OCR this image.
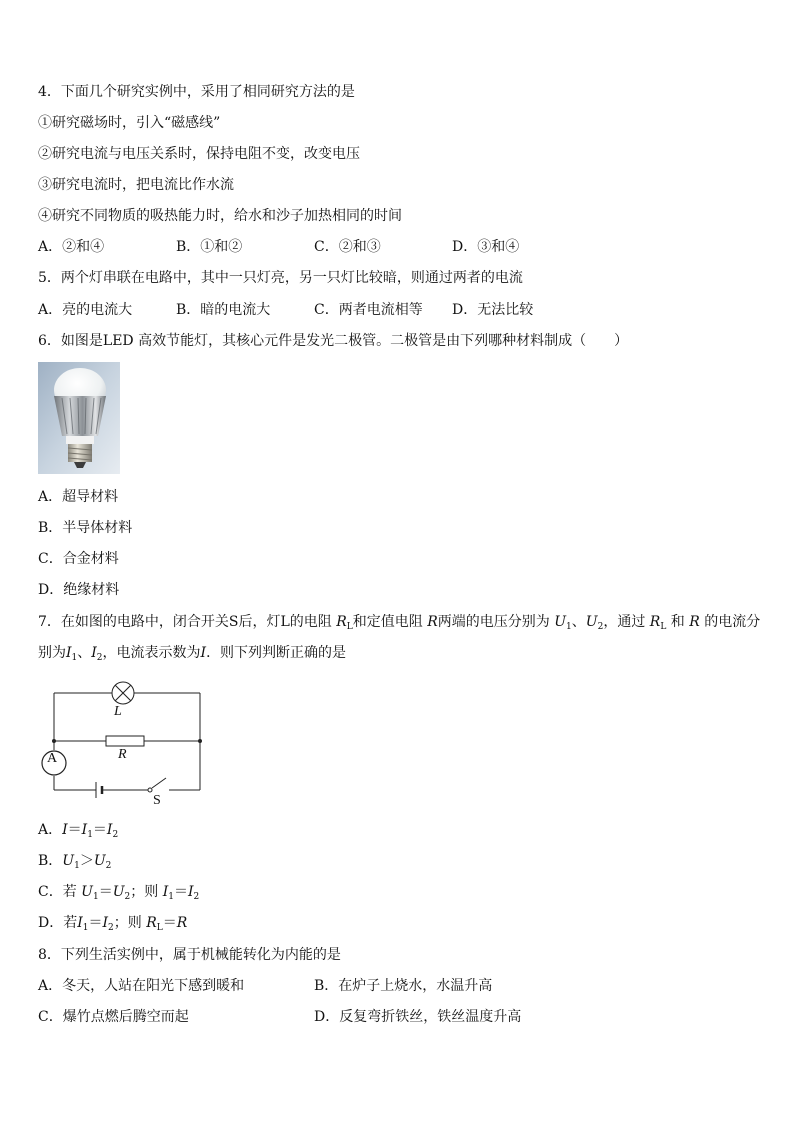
4．下面几个研究实例中，采用了相同研究方法的是
①研究磁场时，引入“磁感线”
②研究电流与电压关系时，保持电阻不变，改变电压
③研究电流时，把电流比作水流
④研究不同物质的吸热能力时，给水和沙子加热相同的时间
A．②和④	B．①和②	C．②和③	D．③和④
5．两个灯串联在电路中，其中一只灯亮，另一只灯比较暗，则通过两者的电流
A．亮的电流大	B．暗的电流大	C．两者电流相等 D．无法比较
6．如图是LED 高效节能灯，其核心元件是发光二极管。二极管是由下列哪种材料制成（　　）
A．超导材料
B．半导体材料
C．合金材料
D．绝缘材料
7．在如图的电路中，闭合开关S后，灯L的电阻 $R_L$和定值电阻 R两端的电压分别为 $U_1$、$U_2$，通过 $R_L$ 和 R 的电流分
别为$I_1$、$I_2$，电流表示数为I．则下列判断正确的是
L
R
A
S
A．$I=I_1=I_2$
B．$U_1>U_2$
C．若 $U_1=U_2$；则 $I_1=I_2$
D．若$I_1=I_2$；则 $R_L=R$
8．下列生活实例中，属于机械能转化为内能的是
A．冬天，人站在阳光下感到暖和	B．在炉子上烧水，水温升高
C．爆竹点燃后腾空而起	D．反复弯折铁丝，铁丝温度升高
